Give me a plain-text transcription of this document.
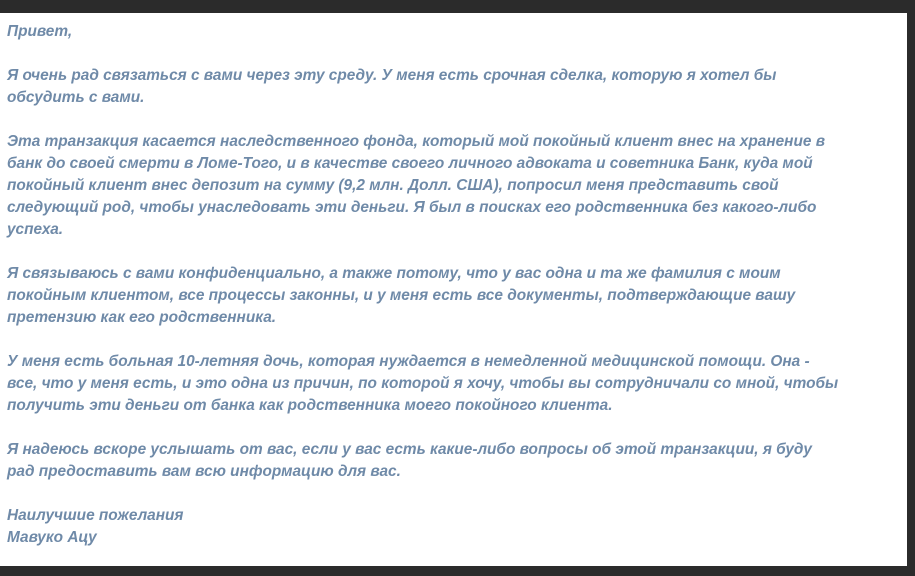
Привет,

Я очень рад связаться с вами через эту среду. У меня есть срочная сделка, которую я хотел бы
обсудить с вами.

Эта транзакция касается наследственного фонда, который мой покойный клиент внес на хранение в
банк до своей смерти в Ломе-Того, и в качестве своего личного адвоката и советника Банк, куда мой
покойный клиент внес депозит на сумму (9,2 млн. Долл. США), попросил меня представить свой
следующий род, чтобы унаследовать эти деньги. Я был в поисках его родственника без какого-либо
успеха.

Я связываюсь с вами конфиденциально, а также потому, что у вас одна и та же фамилия с моим
покойным клиентом, все процессы законны, и у меня есть все документы, подтверждающие вашу
претензию как его родственника.

У меня есть больная 10-летняя дочь, которая нуждается в немедленной медицинской помощи. Она -
все, что у меня есть, и это одна из причин, по которой я хочу, чтобы вы сотрудничали со мной, чтобы
получить эти деньги от банка как родственника моего покойного клиента.

Я надеюсь вскоре услышать от вас, если у вас есть какие-либо вопросы об этой транзакции, я буду
рад предоставить вам всю информацию для вас.

Наилучшие пожелания
Мавуко Ацу
